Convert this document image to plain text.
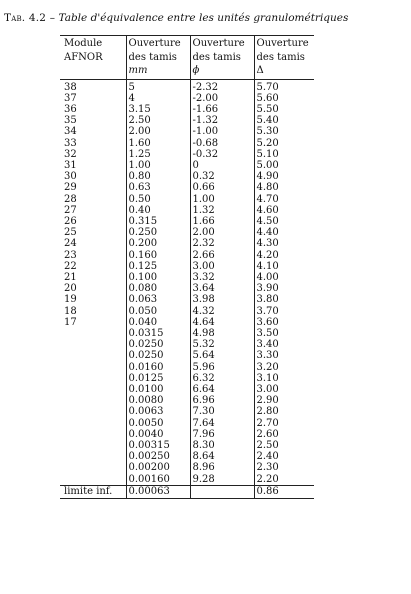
Tab. 4.2 – Table d'équivalence entre les unités granulométriques
Module	Ouverture	Ouverture	Ouverture
AFNOR	des tamis	des tamis	des tamis
	mm	ϕ	Δ
38	5	-2.32	5.70
37	4	-2.00	5.60
36	3.15	-1.66	5.50
35	2.50	-1.32	5.40
34	2.00	-1.00	5.30
33	1.60	-0.68	5.20
32	1.25	-0.32	5.10
31	1.00	0	5.00
30	0.80	0.32	4.90
29	0.63	0.66	4.80
28	0.50	1.00	4.70
27	0.40	1.32	4.60
26	0.315	1.66	4.50
25	0.250	2.00	4.40
24	0.200	2.32	4.30
23	0.160	2.66	4.20
22	0.125	3.00	4.10
21	0.100	3.32	4.00
20	0.080	3.64	3.90
19	0.063	3.98	3.80
18	0.050	4.32	3.70
17	0.040	4.64	3.60
	0.0315	4.98	3.50
	0.0250	5.32	3.40
	0.0250	5.64	3.30
	0.0160	5.96	3.20
	0.0125	6.32	3.10
	0.0100	6.64	3.00
	0.0080	6.96	2.90
	0.0063	7.30	2.80
	0.0050	7.64	2.70
	0.0040	7.96	2.60
	0.00315	8.30	2.50
	0.00250	8.64	2.40
	0.00200	8.96	2.30
	0.00160	9.28	2.20
limite inf.	0.00063		0.86
